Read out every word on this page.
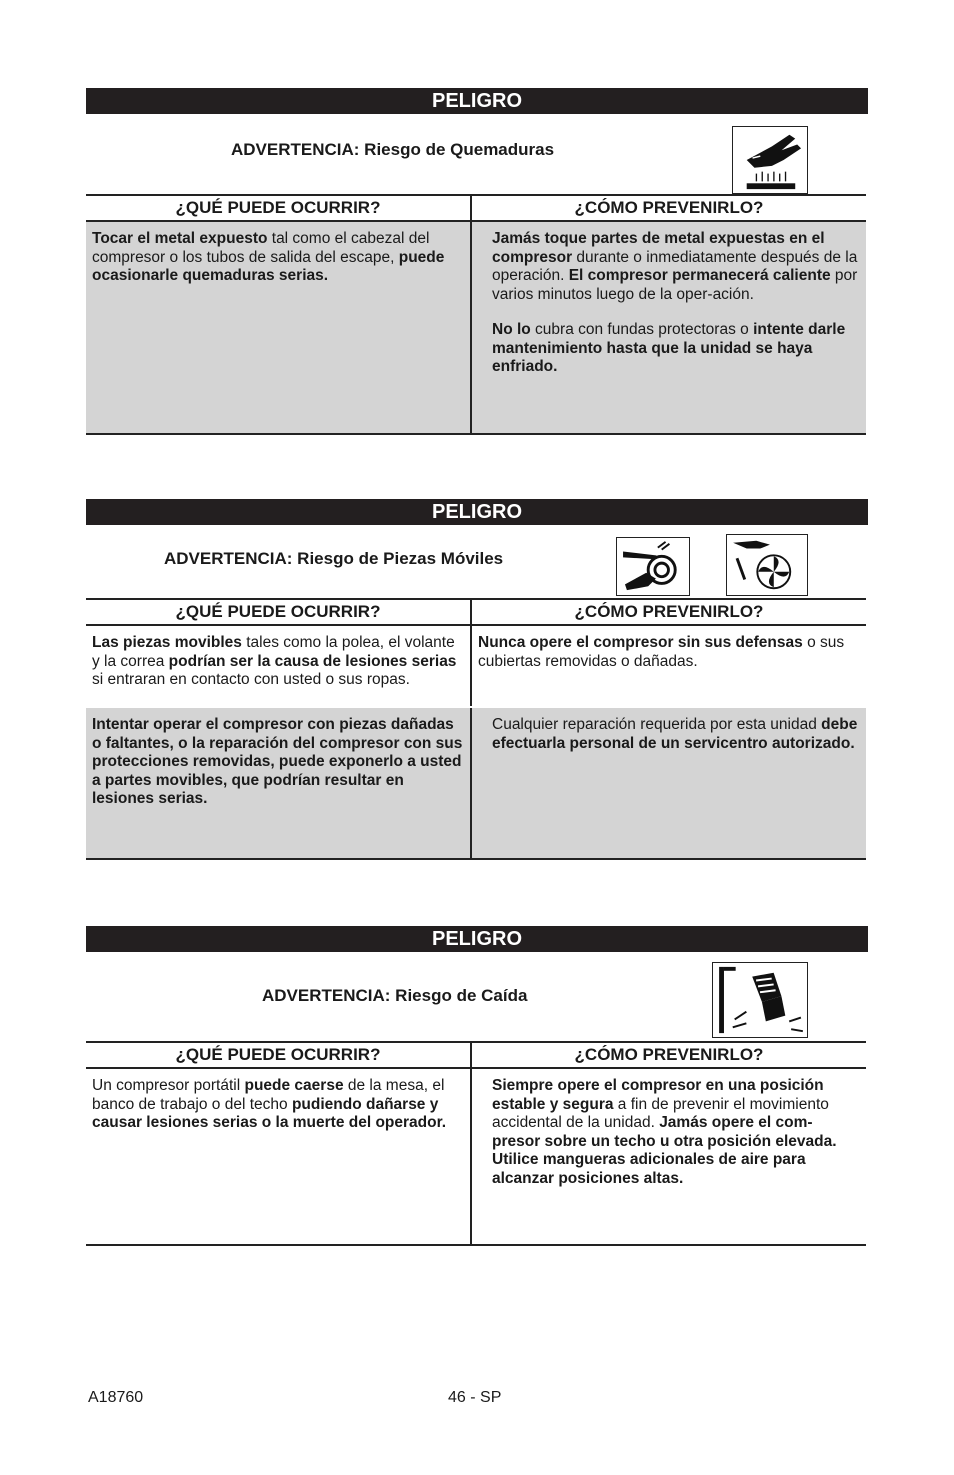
PELIGRO
ADVERTENCIA: Riesgo de Quemaduras
¿QUÉ PUEDE OCURRIR?	¿CÓMO PREVENIRLO?

Tocar el metal expuesto tal como el cabezal del compresor o los tubos de salida del escape, puede ocasionarle quemaduras serias.	Jamás toque partes de metal expuestas en el compresor durante o inmediatamente después de la operación. El compresor permanecerá caliente por varios minutos luego de la oper-ación.

No lo cubra con fundas protectoras o intente darle mantenimiento hasta que la unidad se haya enfriado.

PELIGRO
ADVERTENCIA: Riesgo de Piezas Móviles
¿QUÉ PUEDE OCURRIR?	¿CÓMO PREVENIRLO?

Las piezas movibles tales como la polea, el volante y la correa podrían ser la causa de lesiones serias si entraran en contacto con usted o sus ropas.	Nunca opere el compresor sin sus defensas o sus cubiertas removidas o dañadas.

Intentar operar el compresor con piezas dañadas o faltantes, o la reparación del compresor con sus protecciones removidas, puede exponerlo a usted a partes movibles, que podrían resultar en lesiones serias.	Cualquier reparación requerida por esta unidad debe efectuarla personal de un servicentro autorizado.

PELIGRO
ADVERTENCIA: Riesgo de Caída
¿QUÉ PUEDE OCURRIR?	¿CÓMO PREVENIRLO?

Un compresor portátil puede caerse de la mesa, el banco de trabajo o del techo pudiendo dañarse y causar lesiones serias o la muerte del operador.	Siempre opere el compresor en una posición estable y segura a fin de prevenir el movimiento accidental de la unidad. Jamás opere el com-presor sobre un techo u otra posición elevada. Utilice mangueras adicionales de aire para alcanzar posiciones altas.

A18760	46 - SP
